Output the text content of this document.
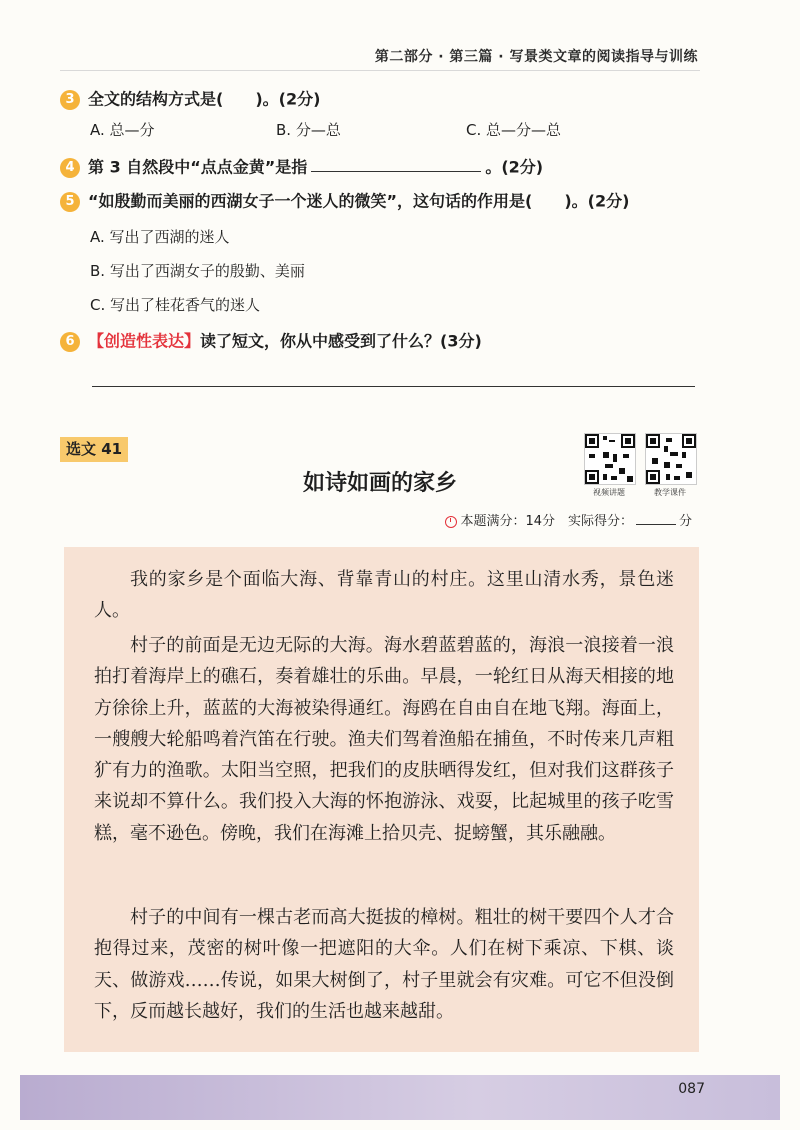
第二部分 · 第三篇 · 写景类文章的阅读指导与训练
3 全文的结构方式是(　　)。(2分)
A. 总—分	B. 分—总	C. 总—分—总
4 第 3 自然段中“点点金黄”是指	。(2分)
5 “如殷勤而美丽的西湖女子一个迷人的微笑”，这句话的作用是(　　)。(2分)
A. 写出了西湖的迷人
B. 写出了西湖女子的殷勤、美丽
C. 写出了桂花香气的迷人
6 【创造性表达】读了短文，你从中感受到了什么？(3分)
选文 41
视频讲题	教学课件
如诗如画的家乡
本题满分：14分　实际得分：	分
我的家乡是个面临大海、背靠青山的村庄。这里山清水秀，景色迷人。
村子的前面是无边无际的大海。海水碧蓝碧蓝的，海浪一浪接着一浪拍打着海岸上的礁石，奏着雄壮的乐曲。早晨，一轮红日从海天相接的地方徐徐上升，蓝蓝的大海被染得通红。海鸥在自由自在地飞翔。海面上，一艘艘大轮船鸣着汽笛在行驶。渔夫们驾着渔船在捕鱼，不时传来几声粗犷有力的渔歌。太阳当空照，把我们的皮肤晒得发红，但对我们这群孩子来说却不算什么。我们投入大海的怀抱游泳、戏耍，比起城里的孩子吃雪糕，毫不逊色。傍晚，我们在海滩上拾贝壳、捉螃蟹，其乐融融。
村子的中间有一棵古老而高大挺拔的樟树。粗壮的树干要四个人才合抱得过来，茂密的树叶像一把遮阳的大伞。人们在树下乘凉、下棋、谈天、做游戏……传说，如果大树倒了，村子里就会有灾难。可它不但没倒下，反而越长越好，我们的生活也越来越甜。
087
